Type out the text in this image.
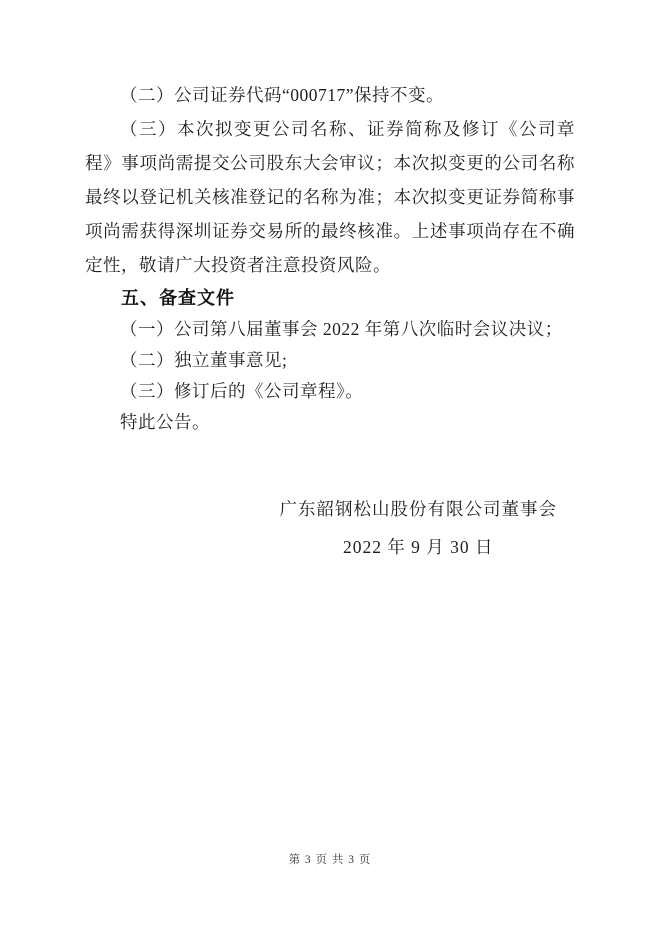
（二）公司证券代码“000717”保持不变。

（三）本次拟变更公司名称、证券简称及修订《公司章程》事项尚需提交公司股东大会审议；本次拟变更的公司名称最终以登记机关核准登记的名称为准；本次拟变更证券简称事项尚需获得深圳证券交易所的最终核准。上述事项尚存在不确定性，敬请广大投资者注意投资风险。

五、备查文件

（一）公司第八届董事会 2022 年第八次临时会议决议；

（二）独立董事意见;

（三）修订后的《公司章程》。

特此公告。

广东韶钢松山股份有限公司董事会
2022 年 9 月 30 日
第 3 页 共 3 页
